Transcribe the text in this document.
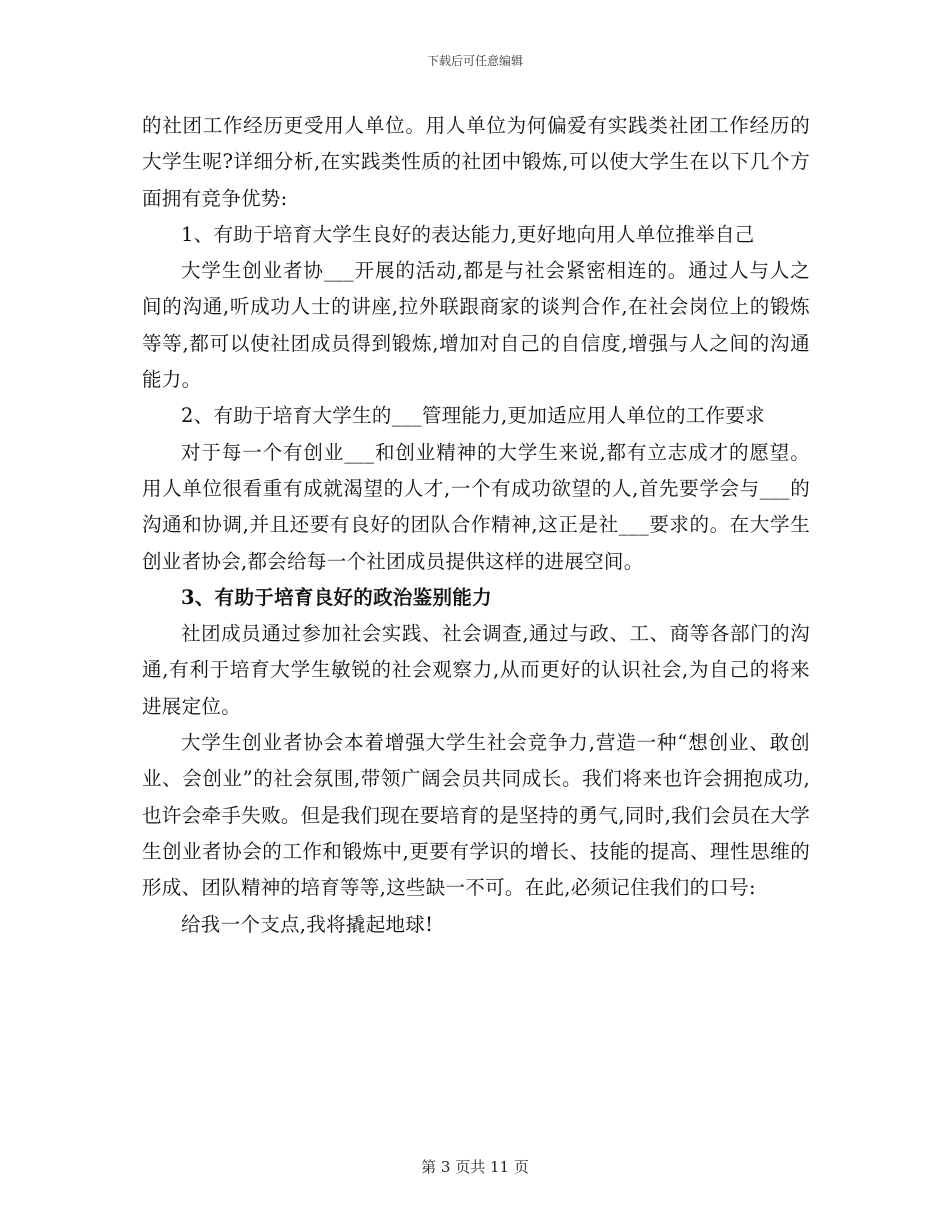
下载后可任意编辑

的社团工作经历更受用人单位。用人单位为何偏爱有实践类社团工作经历的大学生呢?详细分析,在实践类性质的社团中锻炼,可以使大学生在以下几个方面拥有竞争优势:

1、有助于培育大学生良好的表达能力,更好地向用人单位推举自己

大学生创业者协___开展的活动,都是与社会紧密相连的。通过人与人之间的沟通,听成功人士的讲座,拉外联跟商家的谈判合作,在社会岗位上的锻炼等等,都可以使社团成员得到锻炼,增加对自己的自信度,增强与人之间的沟通能力。

2、有助于培育大学生的___管理能力,更加适应用人单位的工作要求

对于每一个有创业___和创业精神的大学生来说,都有立志成才的愿望。用人单位很看重有成就渴望的人才,一个有成功欲望的人,首先要学会与___的沟通和协调,并且还要有良好的团队合作精神,这正是社___要求的。在大学生创业者协会,都会给每一个社团成员提供这样的进展空间。

3、有助于培育良好的政治鉴别能力

社团成员通过参加社会实践、社会调查,通过与政、工、商等各部门的沟通,有利于培育大学生敏锐的社会观察力,从而更好的认识社会,为自己的将来进展定位。

大学生创业者协会本着增强大学生社会竞争力,营造一种“想创业、敢创业、会创业”的社会氛围,带领广阔会员共同成长。我们将来也许会拥抱成功,也许会牵手失败。但是我们现在要培育的是坚持的勇气,同时,我们会员在大学生创业者协会的工作和锻炼中,更要有学识的增长、技能的提高、理性思维的形成、团队精神的培育等等,这些缺一不可。在此,必须记住我们的口号:

给我一个支点,我将撬起地球!

第 3 页共 11 页
